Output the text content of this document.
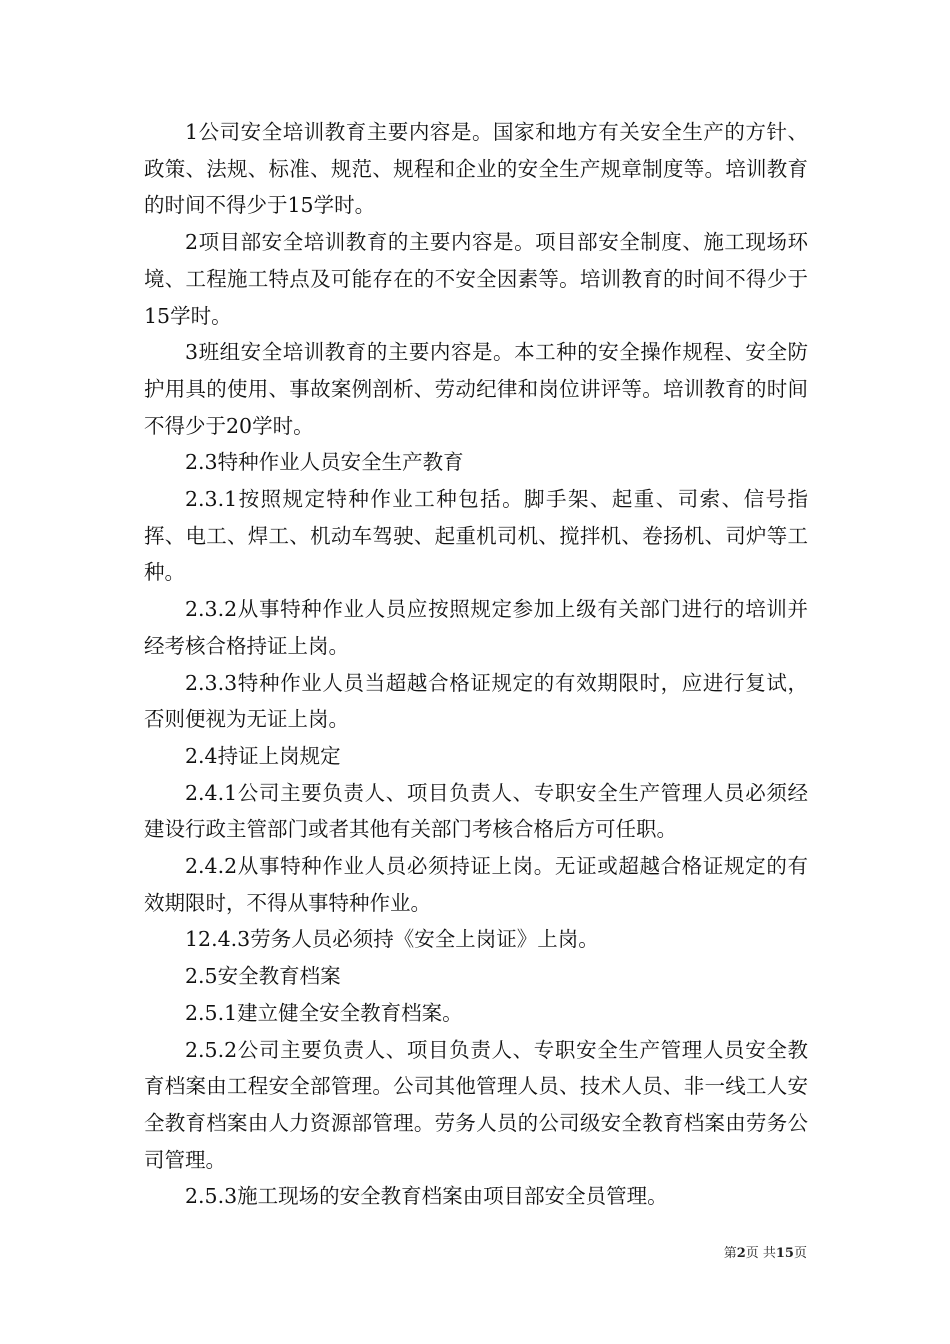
1公司安全培训教育主要内容是。国家和地方有关安全生产的方针、政策、法规、标准、规范、规程和企业的安全生产规章制度等。培训教育的时间不得少于15学时。

2项目部安全培训教育的主要内容是。项目部安全制度、施工现场环境、工程施工特点及可能存在的不安全因素等。培训教育的时间不得少于15学时。

3班组安全培训教育的主要内容是。本工种的安全操作规程、安全防护用具的使用、事故案例剖析、劳动纪律和岗位讲评等。培训教育的时间不得少于20学时。

2.3特种作业人员安全生产教育

2.3.1按照规定特种作业工种包括。脚手架、起重、司索、信号指挥、电工、焊工、机动车驾驶、起重机司机、搅拌机、卷扬机、司炉等工种。

2.3.2从事特种作业人员应按照规定参加上级有关部门进行的培训并经考核合格持证上岗。

2.3.3特种作业人员当超越合格证规定的有效期限时，应进行复试，否则便视为无证上岗。

2.4持证上岗规定

2.4.1公司主要负责人、项目负责人、专职安全生产管理人员必须经建设行政主管部门或者其他有关部门考核合格后方可任职。

2.4.2从事特种作业人员必须持证上岗。无证或超越合格证规定的有效期限时，不得从事特种作业。

12.4.3劳务人员必须持《安全上岗证》上岗。

2.5安全教育档案

2.5.1建立健全安全教育档案。

2.5.2公司主要负责人、项目负责人、专职安全生产管理人员安全教育档案由工程安全部管理。公司其他管理人员、技术人员、非一线工人安全教育档案由人力资源部管理。劳务人员的公司级安全教育档案由劳务公司管理。

2.5.3施工现场的安全教育档案由项目部安全员管理。

第2页 共15页
